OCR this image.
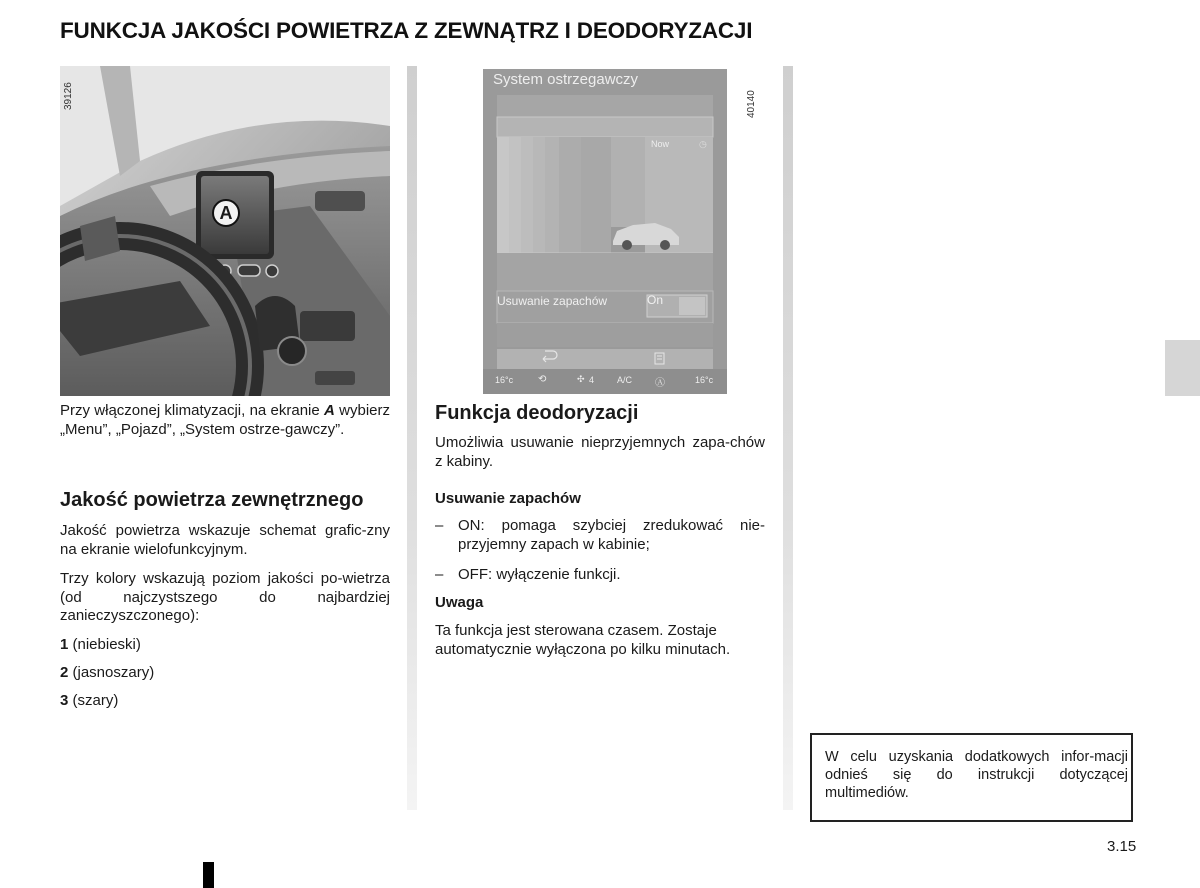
FUNKCJA JAKOŚCI POWIETRZA Z ZEWNĄTRZ I DEODORYZACJI
A
39126
System ostrzegawczy
Now	◷
Usuwanie zapachów	On
16°c ⟲	✣ 4	A/C Ⓐ	16°c
40140
Przy włączonej klimatyzacji, na ekranie A wybierz „Menu”, „Pojazd”, „System ostrze-gawczy”.
Jakość powietrza zewnętrznego
Jakość powietrza wskazuje schemat grafic-zny na ekranie wielofunkcyjnym.
Trzy kolory wskazują poziom jakości po-wietrza (od najczystszego do najbardziej zanieczyszczonego):
1 (niebieski)
2 (jasnoszary)
3 (szary)
Funkcja deodoryzacji
Umożliwia usuwanie nieprzyjemnych zapa-chów z kabiny.
Usuwanie zapachów
– ON: pomaga szybciej zredukować nie-przyjemny zapach w kabinie;
– OFF: wyłączenie funkcji.
Uwaga
Ta funkcja jest sterowana czasem. Zostaje automatycznie wyłączona po kilku minutach.
W celu uzyskania dodatkowych infor-macji odnieś się do instrukcji dotyczącej multimediów.
3.15
